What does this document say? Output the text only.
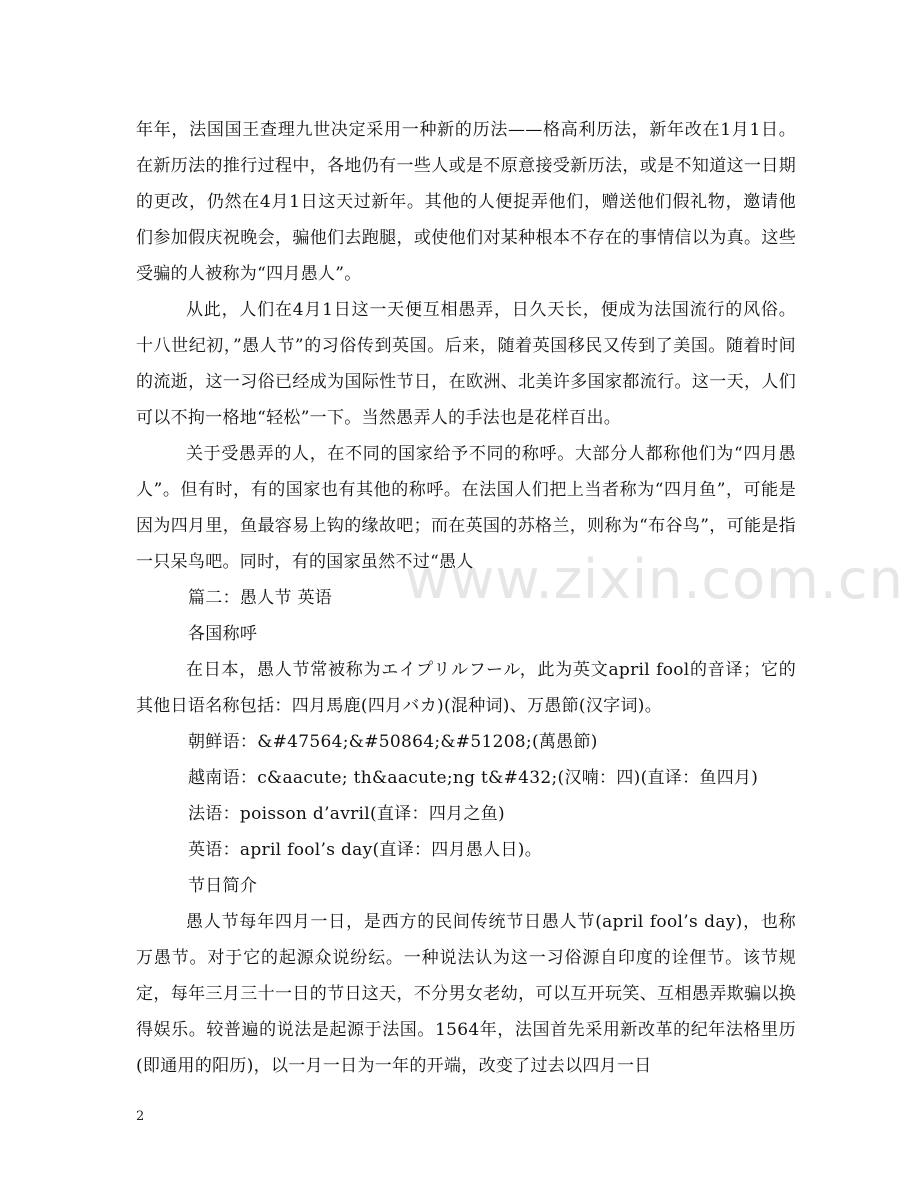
www.zixin.com.cn

年年，法国国王查理九世决定采用一种新的历法——格高利历法，新年改在1月1日。在新历法的推行过程中，各地仍有一些人或是不原意接受新历法，或是不知道这一日期的更改，仍然在4月1日这天过新年。其他的人便捉弄他们，赠送他们假礼物，邀请他们参加假庆祝晚会，骗他们去跑腿，或使他们对某种根本不存在的事情信以为真。这些受骗的人被称为“四月愚人”。

从此，人们在4月1日这一天便互相愚弄，日久天长，便成为法国流行的风俗。十八世纪初，”愚人节”的习俗传到英国。后来，随着英国移民又传到了美国。随着时间的流逝，这一习俗已经成为国际性节日，在欧洲、北美许多国家都流行。这一天，人们可以不拘一格地“轻松”一下。当然愚弄人的手法也是花样百出。

关于受愚弄的人，在不同的国家给予不同的称呼。大部分人都称他们为“四月愚人”。但有时，有的国家也有其他的称呼。在法国人们把上当者称为“四月鱼”，可能是因为四月里，鱼最容易上钩的缘故吧；而在英国的苏格兰，则称为“布谷鸟”，可能是指一只呆鸟吧。同时，有的国家虽然不过“愚人

篇二：愚人节 英语

各国称呼

在日本，愚人节常被称为エイプリルフール，此为英文april fool的音译；它的其他日语名称包括：四月馬鹿(四月バカ)(混种词)、万愚節(汉字词)。

朝鲜语：&#47564;&#50864;&#51208;(萬愚節)

越南语：c&aacute; th&aacute;ng t&#432;(汉喃：四)(直译：鱼四月)

法语：poisson d’avril(直译：四月之鱼)

英语：april fool’s day(直译：四月愚人日)。

节日简介

愚人节每年四月一日，是西方的民间传统节日愚人节(april fool’s day)，也称万愚节。对于它的起源众说纷纭。一种说法认为这一习俗源自印度的诠俚节。该节规定，每年三月三十一日的节日这天，不分男女老幼，可以互开玩笑、互相愚弄欺骗以换得娱乐。较普遍的说法是起源于法国。1564年，法国首先采用新改革的纪年法格里历(即通用的阳历)，以一月一日为一年的开端，改变了过去以四月一日

2
